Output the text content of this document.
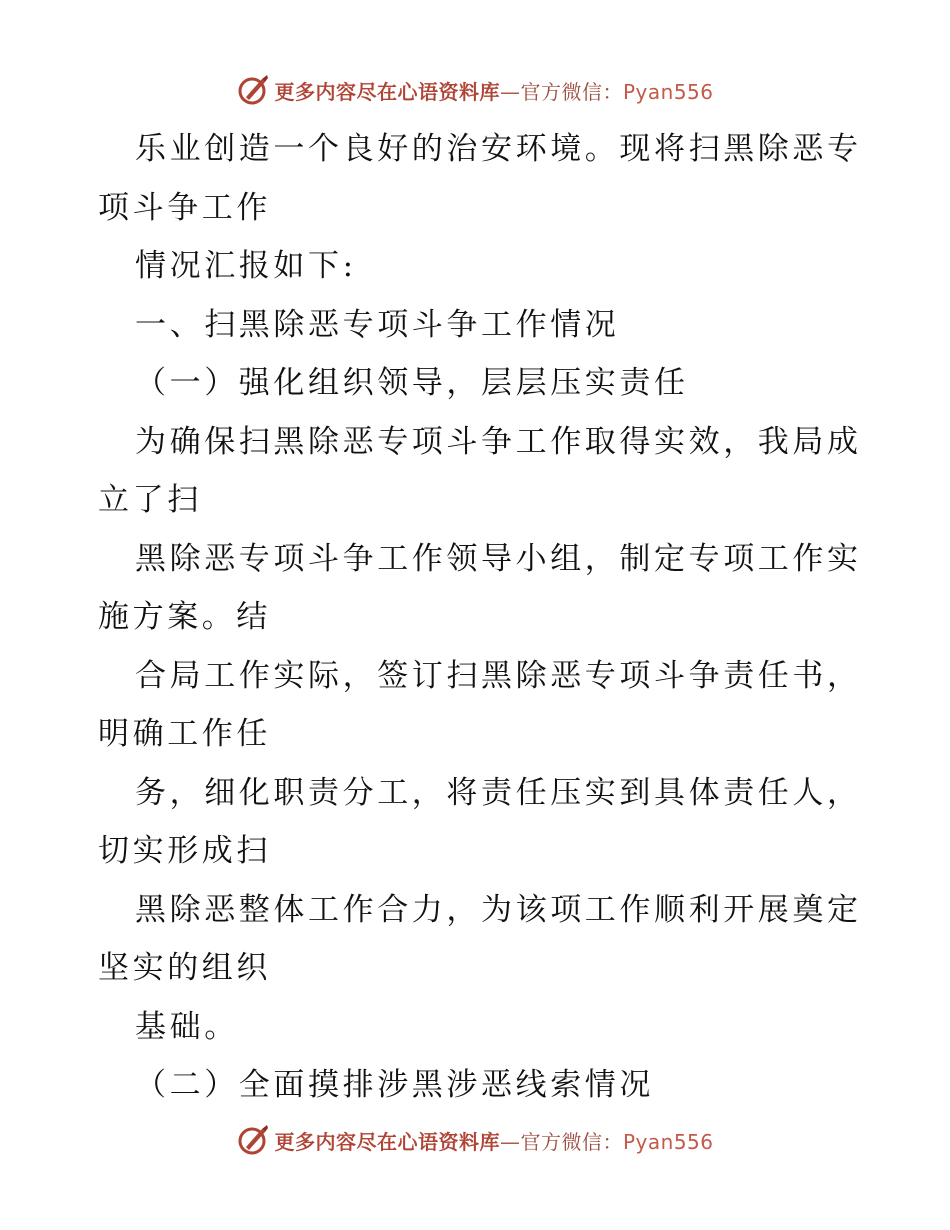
更多内容尽在心语资料库—官方微信：Pyan556
乐业创造一个良好的治安环境。现将扫黑除恶专
项斗争工作
情况汇报如下:
一、扫黑除恶专项斗争工作情况
（一）强化组织领导，层层压实责任
为确保扫黑除恶专项斗争工作取得实效，我局成
立了扫
黑除恶专项斗争工作领导小组，制定专项工作实
施方案。结
合局工作实际，签订扫黑除恶专项斗争责任书，
明确工作任
务，细化职责分工，将责任压实到具体责任人，
切实形成扫
黑除恶整体工作合力，为该项工作顺利开展奠定
坚实的组织
基础。
（二）全面摸排涉黑涉恶线索情况
更多内容尽在心语资料库—官方微信：Pyan556
